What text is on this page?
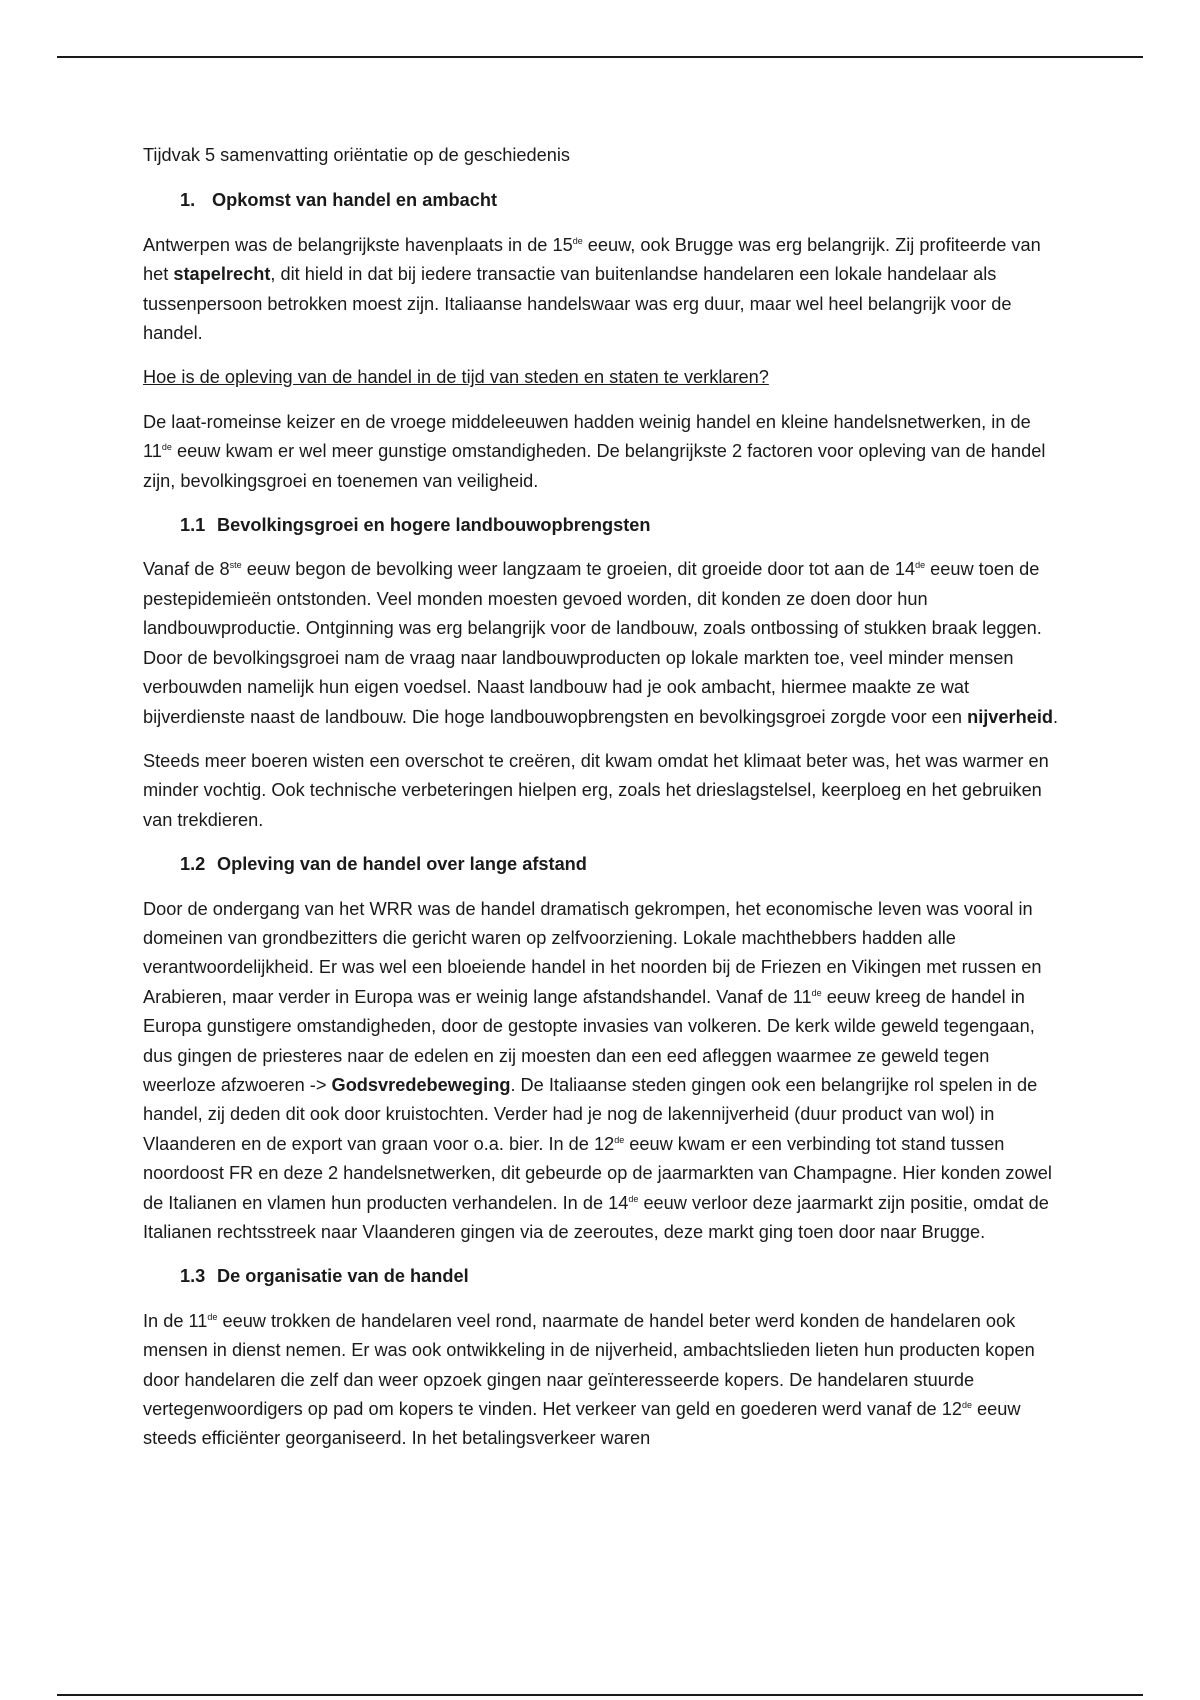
Tijdvak 5 samenvatting oriëntatie op de geschiedenis

1. Opkomst van handel en ambacht

Antwerpen was de belangrijkste havenplaats in de 15de eeuw, ook Brugge was erg belangrijk. Zij profiteerde van het stapelrecht, dit hield in dat bij iedere transactie van buitenlandse handelaren een lokale handelaar als tussenpersoon betrokken moest zijn. Italiaanse handelswaar was erg duur, maar wel heel belangrijk voor de handel.

Hoe is de opleving van de handel in de tijd van steden en staten te verklaren?

De laat-romeinse keizer en de vroege middeleeuwen hadden weinig handel en kleine handelsnetwerken, in de 11de eeuw kwam er wel meer gunstige omstandigheden. De belangrijkste 2 factoren voor opleving van de handel zijn, bevolkingsgroei en toenemen van veiligheid.

1.1 Bevolkingsgroei en hogere landbouwopbrengsten

Vanaf de 8ste eeuw begon de bevolking weer langzaam te groeien, dit groeide door tot aan de 14de eeuw toen de pestepidemieën ontstonden. Veel monden moesten gevoed worden, dit konden ze doen door hun landbouwproductie. Ontginning was erg belangrijk voor de landbouw, zoals ontbossing of stukken braak leggen. Door de bevolkingsgroei nam de vraag naar landbouwproducten op lokale markten toe, veel minder mensen verbouwden namelijk hun eigen voedsel. Naast landbouw had je ook ambacht, hiermee maakte ze wat bijverdienste naast de landbouw. Die hoge landbouwopbrengsten en bevolkingsgroei zorgde voor een nijverheid.

Steeds meer boeren wisten een overschot te creëren, dit kwam omdat het klimaat beter was, het was warmer en minder vochtig. Ook technische verbeteringen hielpen erg, zoals het drieslagstelsel, keerploeg en het gebruiken van trekdieren.

1.2 Opleving van de handel over lange afstand

Door de ondergang van het WRR was de handel dramatisch gekrompen, het economische leven was vooral in domeinen van grondbezitters die gericht waren op zelfvoorziening. Lokale machthebbers hadden alle verantwoordelijkheid. Er was wel een bloeiende handel in het noorden bij de Friezen en Vikingen met russen en Arabieren, maar verder in Europa was er weinig lange afstandshandel. Vanaf de 11de eeuw kreeg de handel in Europa gunstigere omstandigheden, door de gestopte invasies van volkeren. De kerk wilde geweld tegengaan, dus gingen de priesteres naar de edelen en zij moesten dan een eed afleggen waarmee ze geweld tegen weerloze afzwoeren -> Godsvredebeweging. De Italiaanse steden gingen ook een belangrijke rol spelen in de handel, zij deden dit ook door kruistochten. Verder had je nog de lakennijverheid (duur product van wol) in Vlaanderen en de export van graan voor o.a. bier. In de 12de eeuw kwam er een verbinding tot stand tussen noordoost FR en deze 2 handelsnetwerken, dit gebeurde op de jaarmarkten van Champagne. Hier konden zowel de Italianen en vlamen hun producten verhandelen. In de 14de eeuw verloor deze jaarmarkt zijn positie, omdat de Italianen rechtsstreek naar Vlaanderen gingen via de zeeroutes, deze markt ging toen door naar Brugge.

1.3 De organisatie van de handel

In de 11de eeuw trokken de handelaren veel rond, naarmate de handel beter werd konden de handelaren ook mensen in dienst nemen. Er was ook ontwikkeling in de nijverheid, ambachtslieden lieten hun producten kopen door handelaren die zelf dan weer opzoek gingen naar geïnteresseerde kopers. De handelaren stuurde vertegenwoordigers op pad om kopers te vinden. Het verkeer van geld en goederen werd vanaf de 12de eeuw steeds efficiënter georganiseerd. In het betalingsverkeer waren
